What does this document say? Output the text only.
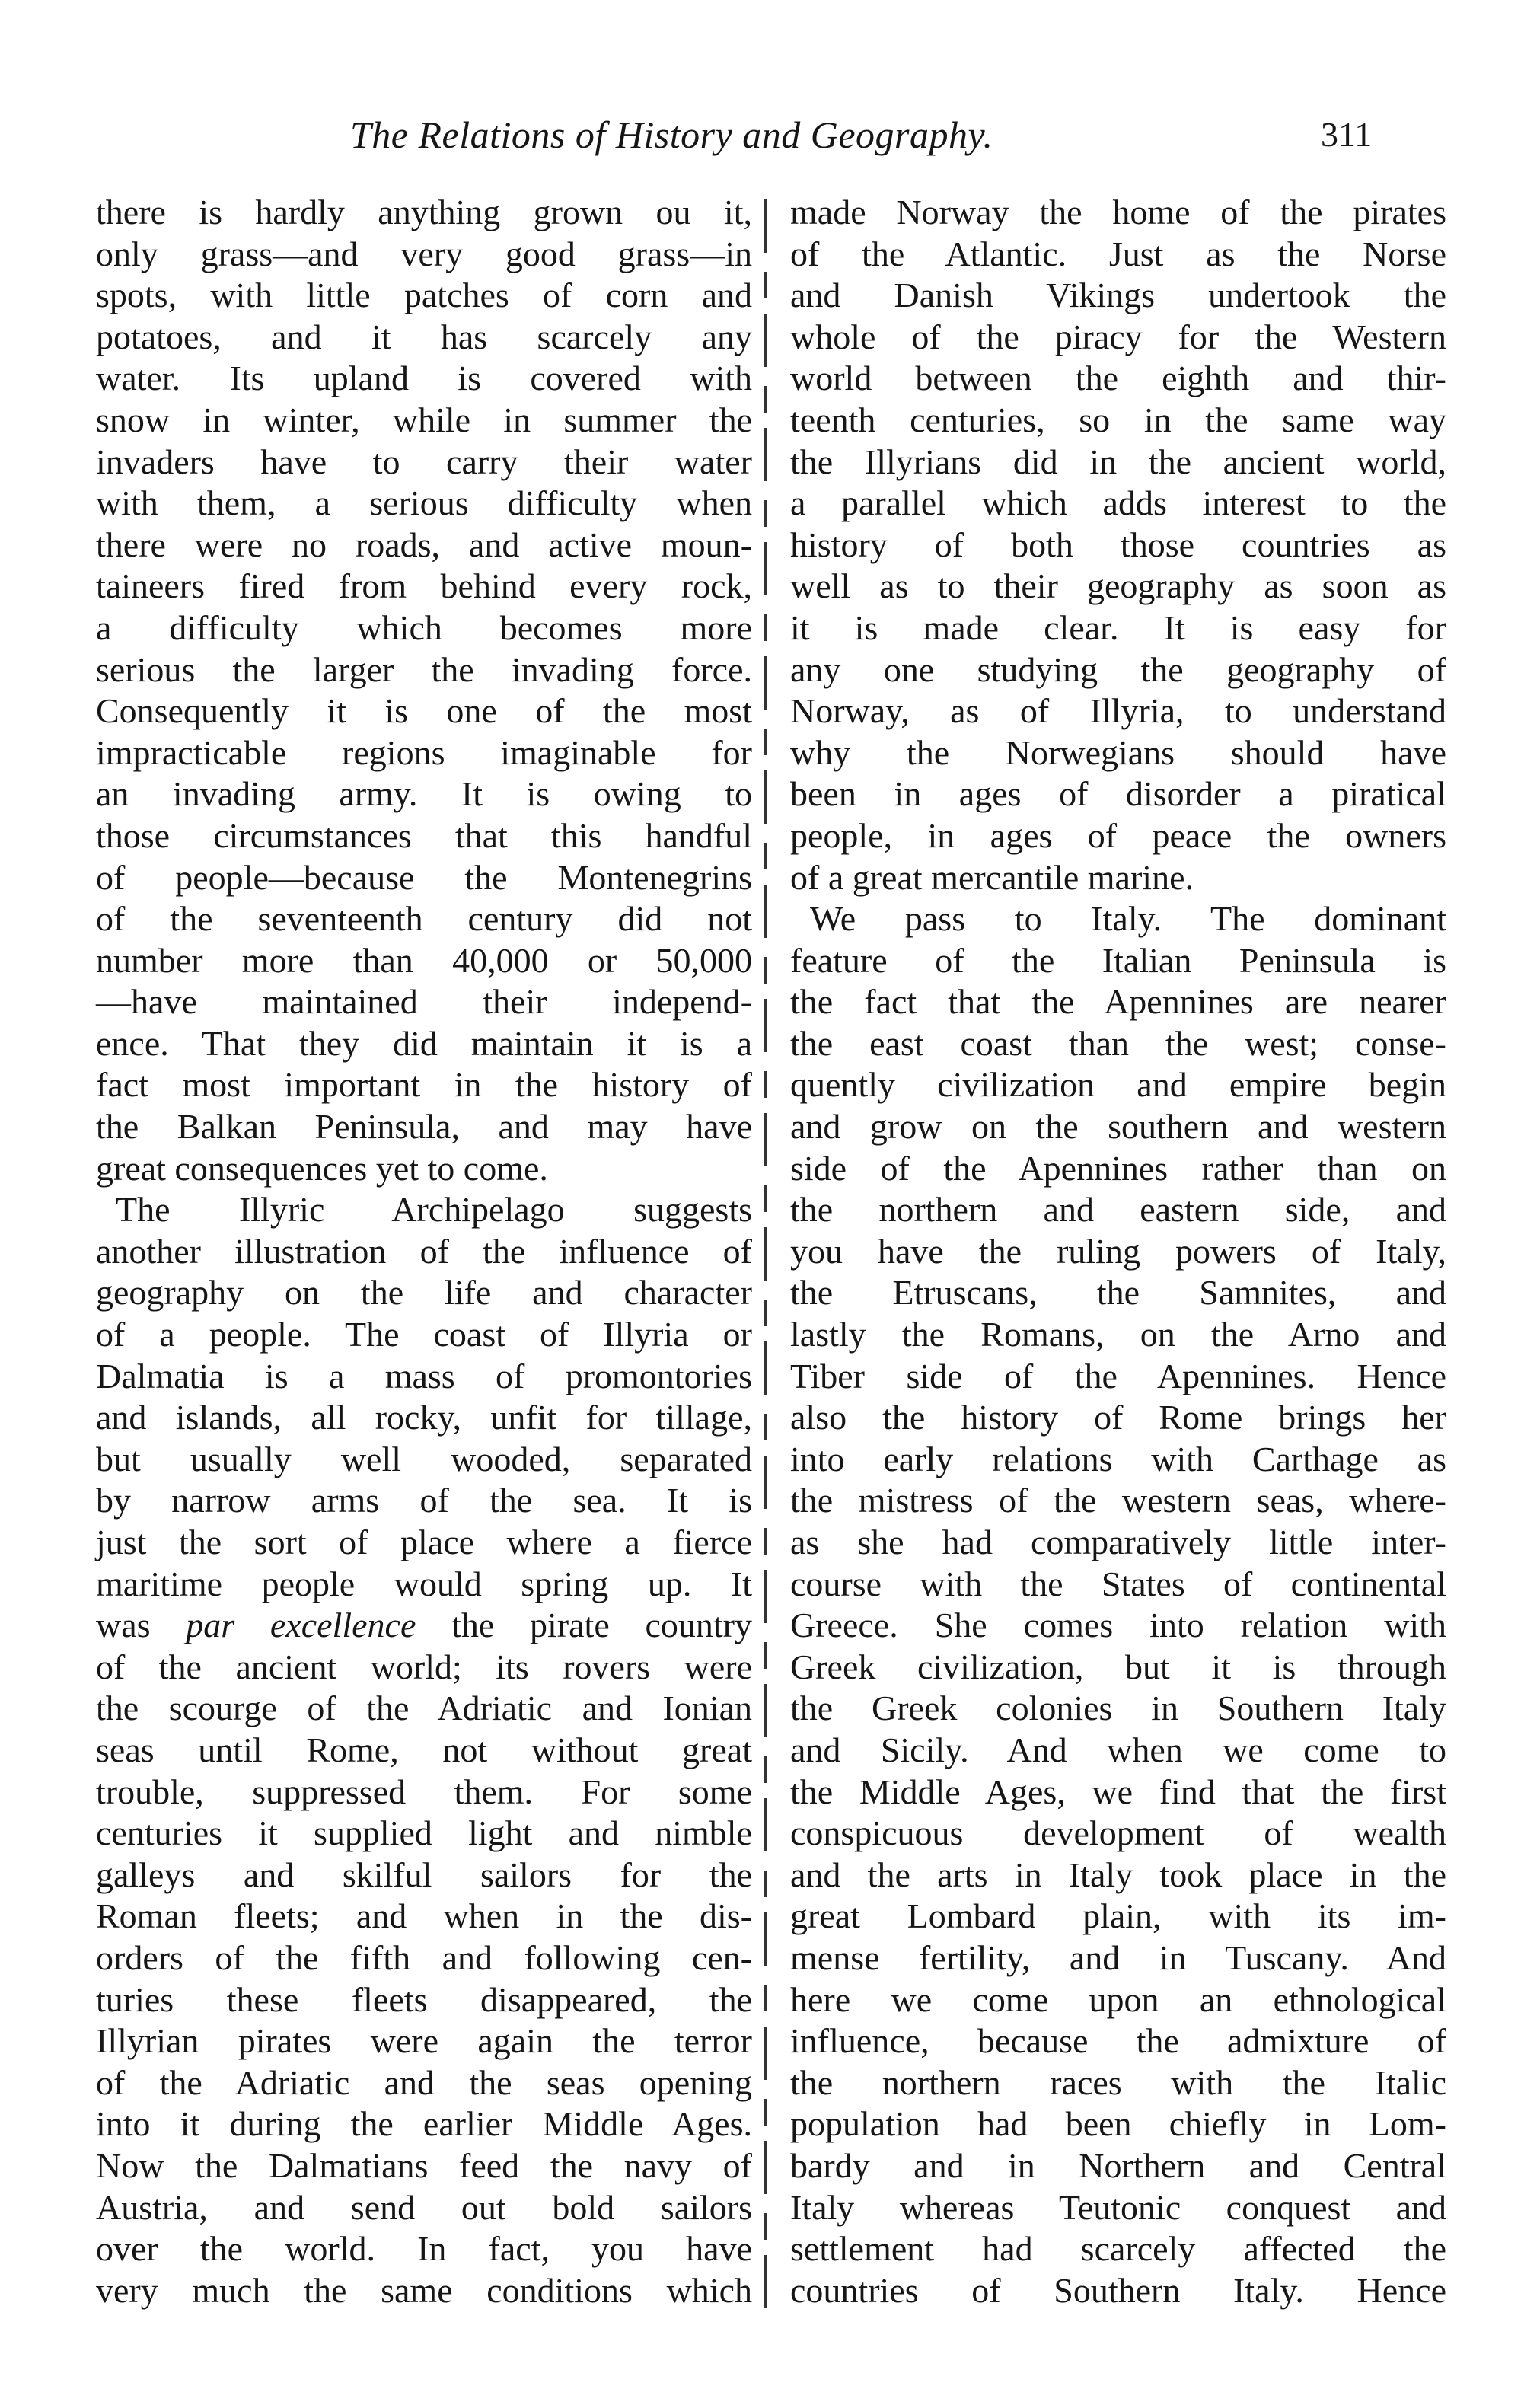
The Relations of History and Geography.	311
there is hardly anything grown ou it,
only grass—and very good grass—in
spots, with little patches of corn and
potatoes, and it has scarcely any
water. Its upland is covered with
snow in winter, while in summer the
invaders have to carry their water
with them, a serious difficulty when
there were no roads, and active moun-
taineers fired from behind every rock,
a difficulty which becomes more
serious the larger the invading force.
Consequently it is one of the most
impracticable regions imaginable for
an invading army. It is owing to
those circumstances that this handful
of people—because the Montenegrins
of the seventeenth century did not
number more than 40,000 or 50,000
—have maintained their independ-
ence. That they did maintain it is a
fact most important in the history of
the Balkan Peninsula, and may have
great consequences yet to come.
The Illyric Archipelago suggests
another illustration of the influence of
geography on the life and character
of a people. The coast of Illyria or
Dalmatia is a mass of promontories
and islands, all rocky, unfit for tillage,
but usually well wooded, separated
by narrow arms of the sea. It is
just the sort of place where a fierce
maritime people would spring up. It
was par excellence the pirate country
of the ancient world; its rovers were
the scourge of the Adriatic and Ionian
seas until Rome, not without great
trouble, suppressed them. For some
centuries it supplied light and nimble
galleys and skilful sailors for the
Roman fleets; and when in the dis-
orders of the fifth and following cen-
turies these fleets disappeared, the
Illyrian pirates were again the terror
of the Adriatic and the seas opening
into it during the earlier Middle Ages.
Now the Dalmatians feed the navy of
Austria, and send out bold sailors
over the world. In fact, you have
very much the same conditions which
made Norway the home of the pirates
of the Atlantic. Just as the Norse
and Danish Vikings undertook the
whole of the piracy for the Western
world between the eighth and thir-
teenth centuries, so in the same way
the Illyrians did in the ancient world,
a parallel which adds interest to the
history of both those countries as
well as to their geography as soon as
it is made clear. It is easy for
any one studying the geography of
Norway, as of Illyria, to understand
why the Norwegians should have
been in ages of disorder a piratical
people, in ages of peace the owners
of a great mercantile marine.
We pass to Italy. The dominant
feature of the Italian Peninsula is
the fact that the Apennines are nearer
the east coast than the west; conse-
quently civilization and empire begin
and grow on the southern and western
side of the Apennines rather than on
the northern and eastern side, and
you have the ruling powers of Italy,
the Etruscans, the Samnites, and
lastly the Romans, on the Arno and
Tiber side of the Apennines. Hence
also the history of Rome brings her
into early relations with Carthage as
the mistress of the western seas, where-
as she had comparatively little inter-
course with the States of continental
Greece. She comes into relation with
Greek civilization, but it is through
the Greek colonies in Southern Italy
and Sicily. And when we come to
the Middle Ages, we find that the first
conspicuous development of wealth
and the arts in Italy took place in the
great Lombard plain, with its im-
mense fertility, and in Tuscany. And
here we come upon an ethnological
influence, because the admixture of
the northern races with the Italic
population had been chiefly in Lom-
bardy and in Northern and Central
Italy whereas Teutonic conquest and
settlement had scarcely affected the
countries of Southern Italy. Hence
